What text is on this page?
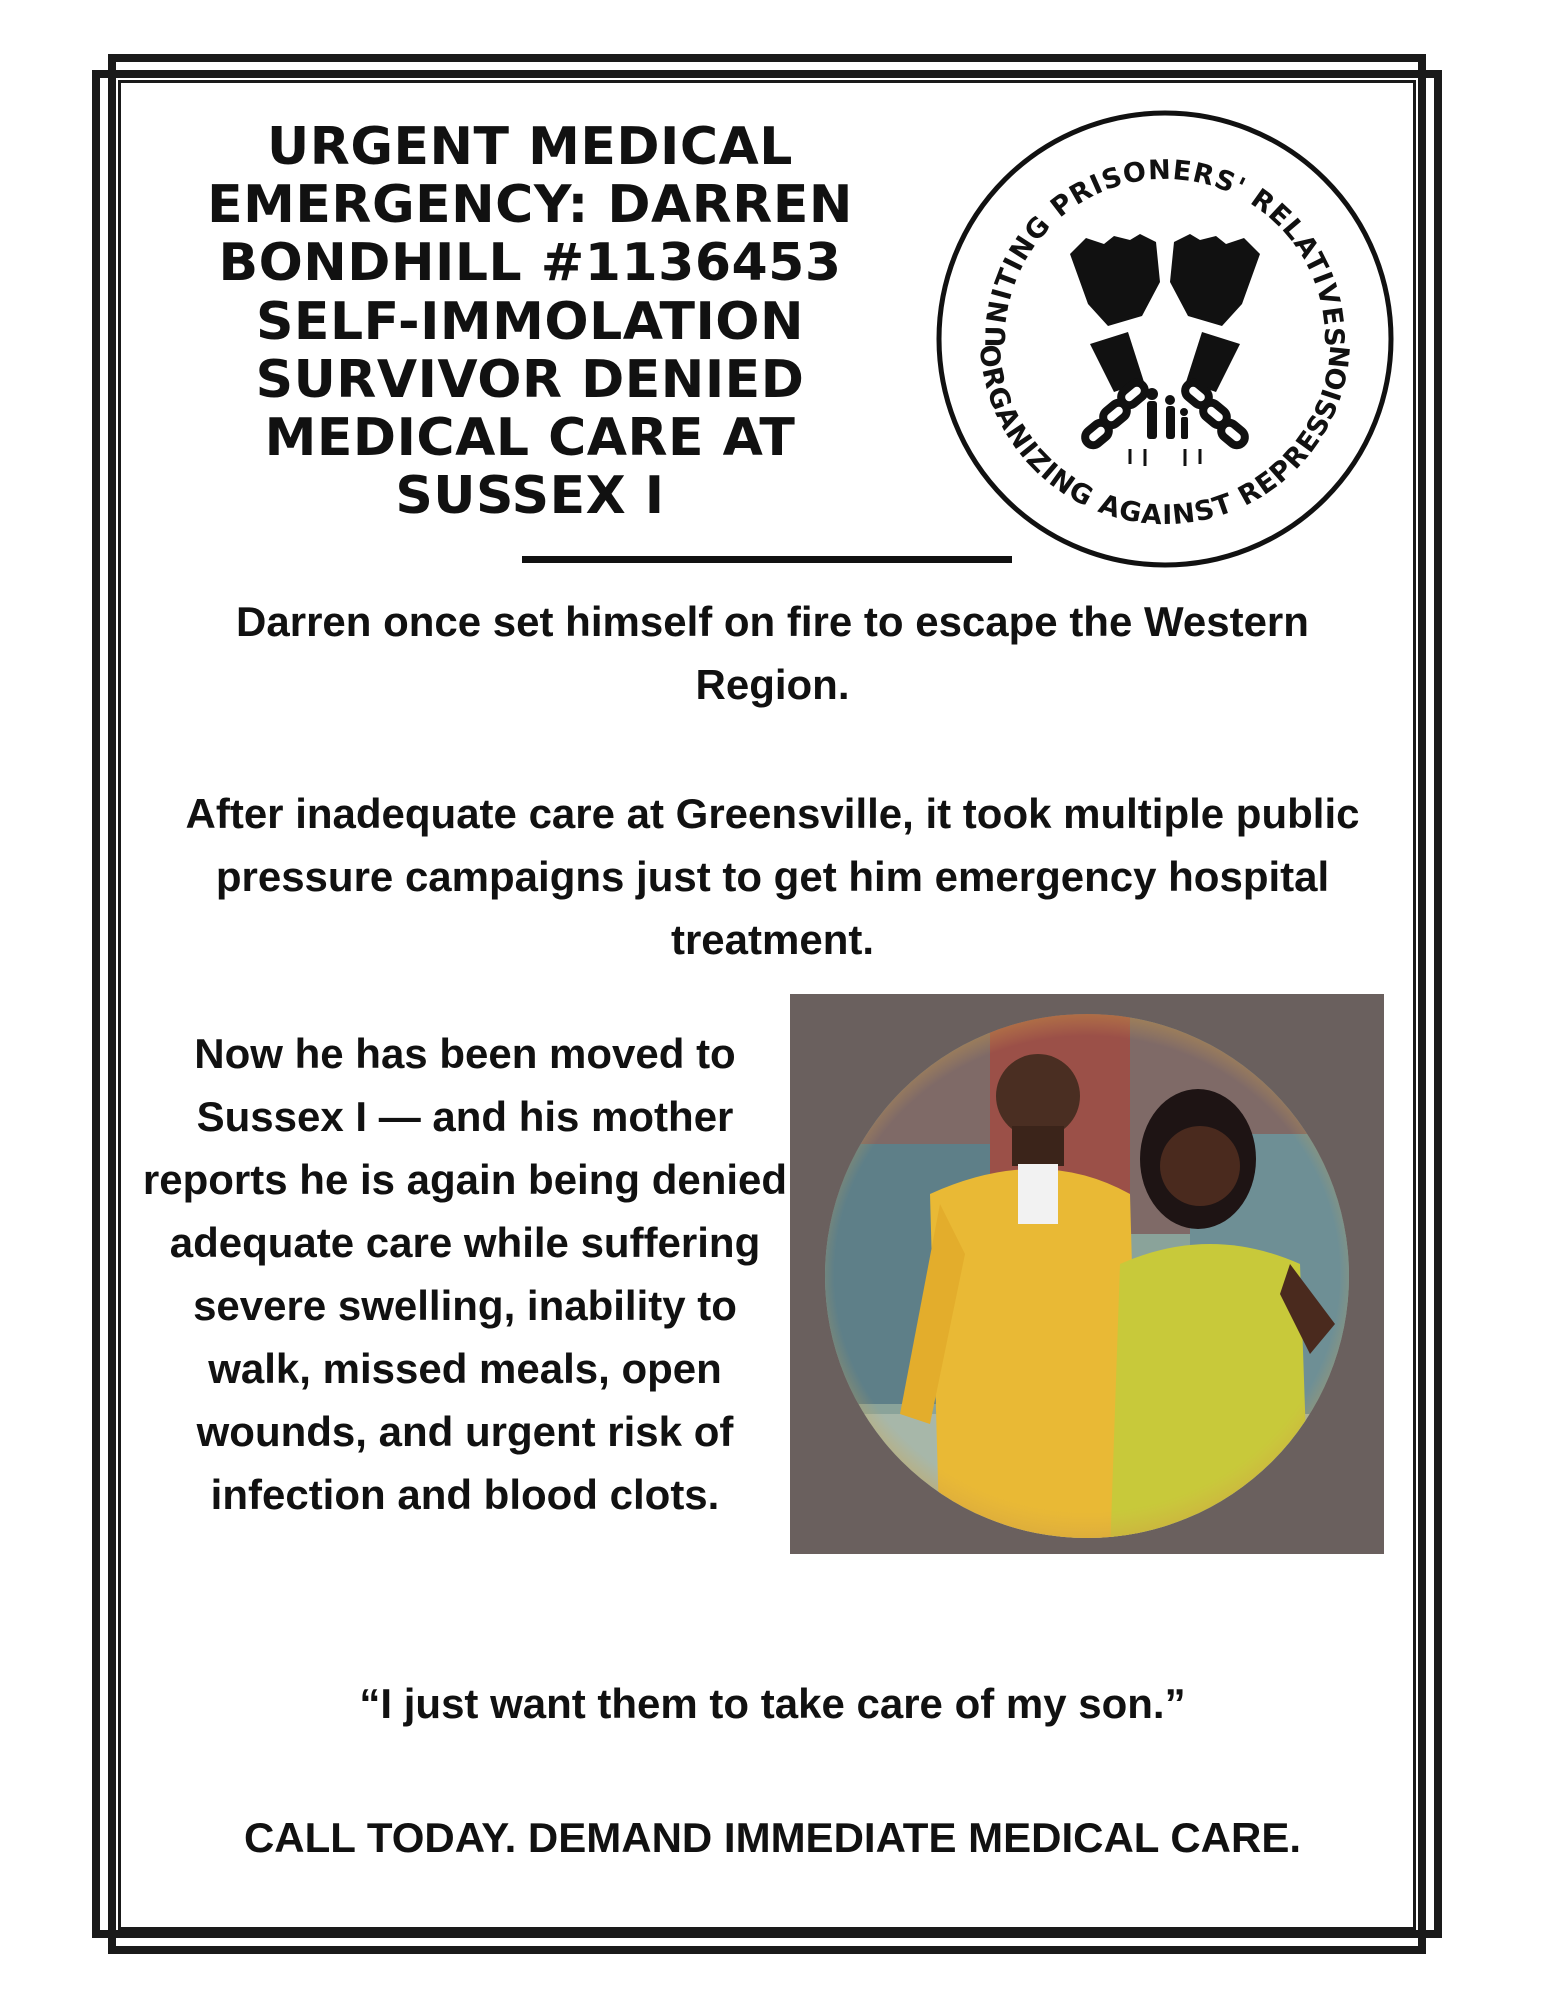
URGENT MEDICAL
EMERGENCY: DARREN
BONDHILL #1136453
SELF-IMMOLATION
SURVIVOR DENIED
MEDICAL CARE AT
SUSSEX I
UNITING PRISONERS' RELATIVES
ORGANIZING AGAINST REPRESSION

Darren once set himself on fire to escape the Western Region.

After inadequate care at Greensville, it took multiple public pressure campaigns just to get him emergency hospital treatment.

Now he has been moved to Sussex I — and his mother reports he is again being denied adequate care while suffering severe swelling, inability to walk, missed meals, open wounds, and urgent risk of infection and blood clots.

“I just want them to take care of my son.”

CALL TODAY. DEMAND IMMEDIATE MEDICAL CARE.
